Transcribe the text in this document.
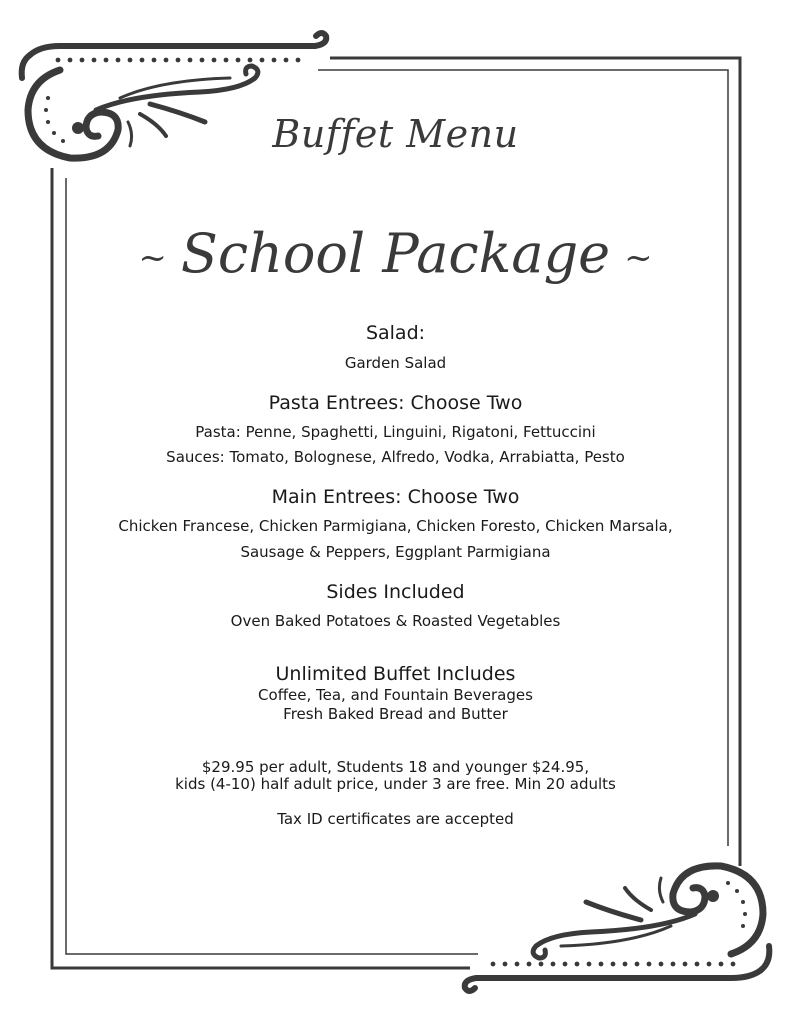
Buffet Menu
~ School Package ~
Salad:
Garden Salad
Pasta Entrees: Choose Two
Pasta: Penne, Spaghetti, Linguini, Rigatoni, Fettuccini
Sauces: Tomato, Bolognese, Alfredo, Vodka, Arrabiatta, Pesto
Main Entrees: Choose Two
Chicken Francese, Chicken Parmigiana, Chicken Foresto, Chicken Marsala,
Sausage & Peppers, Eggplant Parmigiana
Sides Included
Oven Baked Potatoes & Roasted Vegetables
Unlimited Buffet Includes
Coffee, Tea, and Fountain Beverages
Fresh Baked Bread and Butter
$29.95 per adult, Students 18 and younger $24.95,
kids (4-10) half adult price, under 3 are free. Min 20 adults
Tax ID certificates are accepted
